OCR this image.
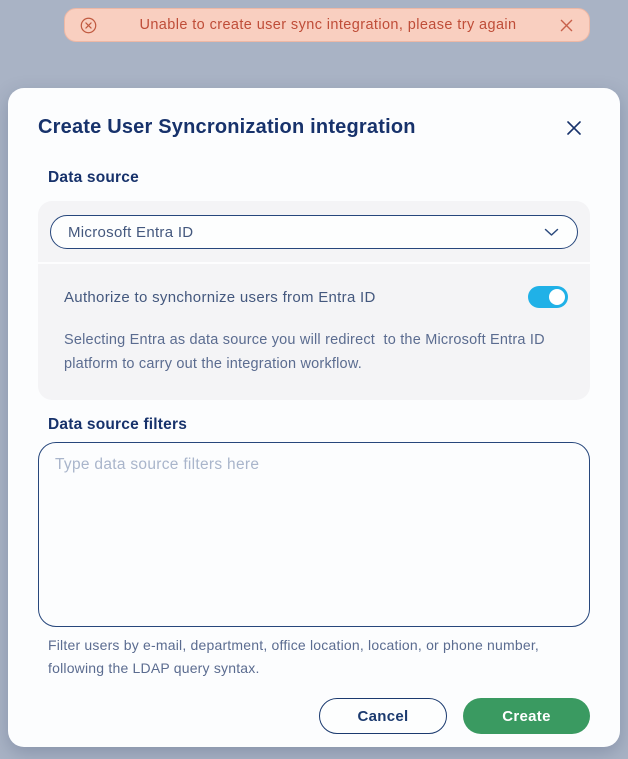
Unable to create user sync integration, please try again
Create User Syncronization integration
Data source
Microsoft Entra ID
Authorize to synchornize users from Entra ID

Selecting Entra as data source you will redirect  to the Microsoft Entra ID platform to carry out the integration workflow.

Data source filters
Type data source filters here

Filter users by e-mail, department, office location, location, or phone number, following the LDAP query syntax.

Cancel	Create
